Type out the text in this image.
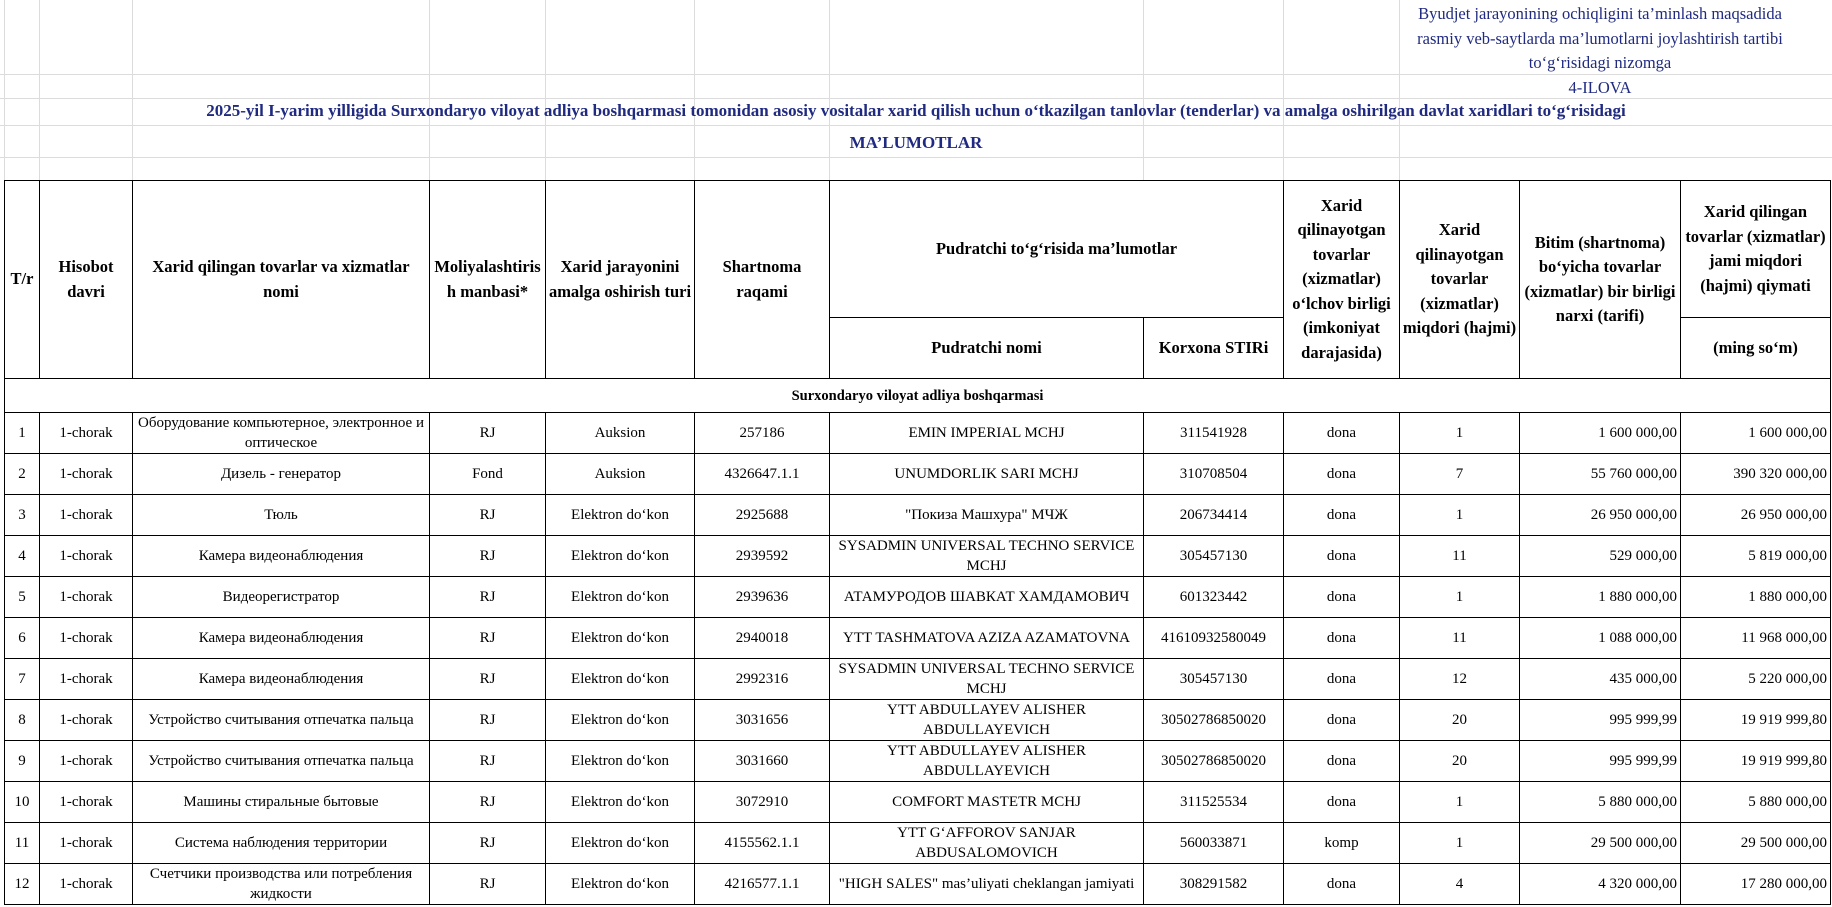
Byudjet jarayonining ochiqligini ta’minlash maqsadida
rasmiy veb-saytlarda ma’lumotlarni joylashtirish tartibi
to‘g‘risidagi nizomga
4-ILOVA
2025-yil I-yarim yilligida Surxondaryo viloyat adliya boshqarmasi tomonidan asosiy vositalar xarid qilish uchun o‘tkazilgan tanlovlar (tenderlar) va amalga oshirilgan davlat xaridlari to‘g‘risidagi
MA’LUMOTLAR
T/r	Hisobot davri	Xarid qilingan tovarlar va xizmatlar nomi	Moliyalashtirish manbasi*	Xarid jarayonini amalga oshirish turi	Shartnoma raqami	Pudratchi to‘g‘risida ma’lumotlar		Xarid qilinayotgan tovarlar (xizmatlar) o‘lchov birligi (imkoniyat darajasida)	Xarid qilinayotgan tovarlar (xizmatlar) miqdori (hajmi)	Bitim (shartnoma) bo‘yicha tovarlar (xizmatlar) bir birligi narxi (tarifi)	Xarid qilingan tovarlar (xizmatlar) jami miqdori (hajmi) qiymati
						Pudratchi nomi	Korxona STIRi				(ming so‘m)
Surxondaryo viloyat adliya boshqarmasi											
1	1-chorak	Оборудование компьютерное, электронное и оптическое	RJ	Auksion	257186	EMIN IMPERIAL MCHJ	311541928	dona	1	1 600 000,00	1 600 000,00
2	1-chorak	Дизель - генератор	Fond	Auksion	4326647.1.1	UNUMDORLIK SARI MCHJ	310708504	dona	7	55 760 000,00	390 320 000,00
3	1-chorak	Тюль	RJ	Elektron do‘kon	2925688	"Покиза Машхура" МЧЖ	206734414	dona	1	26 950 000,00	26 950 000,00
4	1-chorak	Камера видеонаблюдения	RJ	Elektron do‘kon	2939592	SYSADMIN UNIVERSAL TECHNO SERVICE MCHJ	305457130	dona	11	529 000,00	5 819 000,00
5	1-chorak	Видеорегистратор	RJ	Elektron do‘kon	2939636	АТАМУРОДОВ ШАВКАТ ХАМДАМОВИЧ	601323442	dona	1	1 880 000,00	1 880 000,00
6	1-chorak	Камера видеонаблюдения	RJ	Elektron do‘kon	2940018	YTT TASHMATOVA AZIZA AZAMATOVNA	41610932580049	dona	11	1 088 000,00	11 968 000,00
7	1-chorak	Камера видеонаблюдения	RJ	Elektron do‘kon	2992316	SYSADMIN UNIVERSAL TECHNO SERVICE MCHJ	305457130	dona	12	435 000,00	5 220 000,00
8	1-chorak	Устройство считывания отпечатка пальца	RJ	Elektron do‘kon	3031656	YTT ABDULLAYEV ALISHER ABDULLAYEVICH	30502786850020	dona	20	995 999,99	19 919 999,80
9	1-chorak	Устройство считывания отпечатка пальца	RJ	Elektron do‘kon	3031660	YTT ABDULLAYEV ALISHER ABDULLAYEVICH	30502786850020	dona	20	995 999,99	19 919 999,80
10	1-chorak	Машины стиральные бытовые	RJ	Elektron do‘kon	3072910	COMFORT MASTETR MCHJ	311525534	dona	1	5 880 000,00	5 880 000,00
11	1-chorak	Система наблюдения территории	RJ	Elektron do‘kon	4155562.1.1	YTT G‘AFFOROV SANJAR ABDUSALOMOVICH	560033871	komp	1	29 500 000,00	29 500 000,00
12	1-chorak	Счетчики производства или потребления жидкости	RJ	Elektron do‘kon	4216577.1.1	"HIGH SALES" mas’uliyati cheklangan jamiyati	308291582	dona	4	4 320 000,00	17 280 000,00
